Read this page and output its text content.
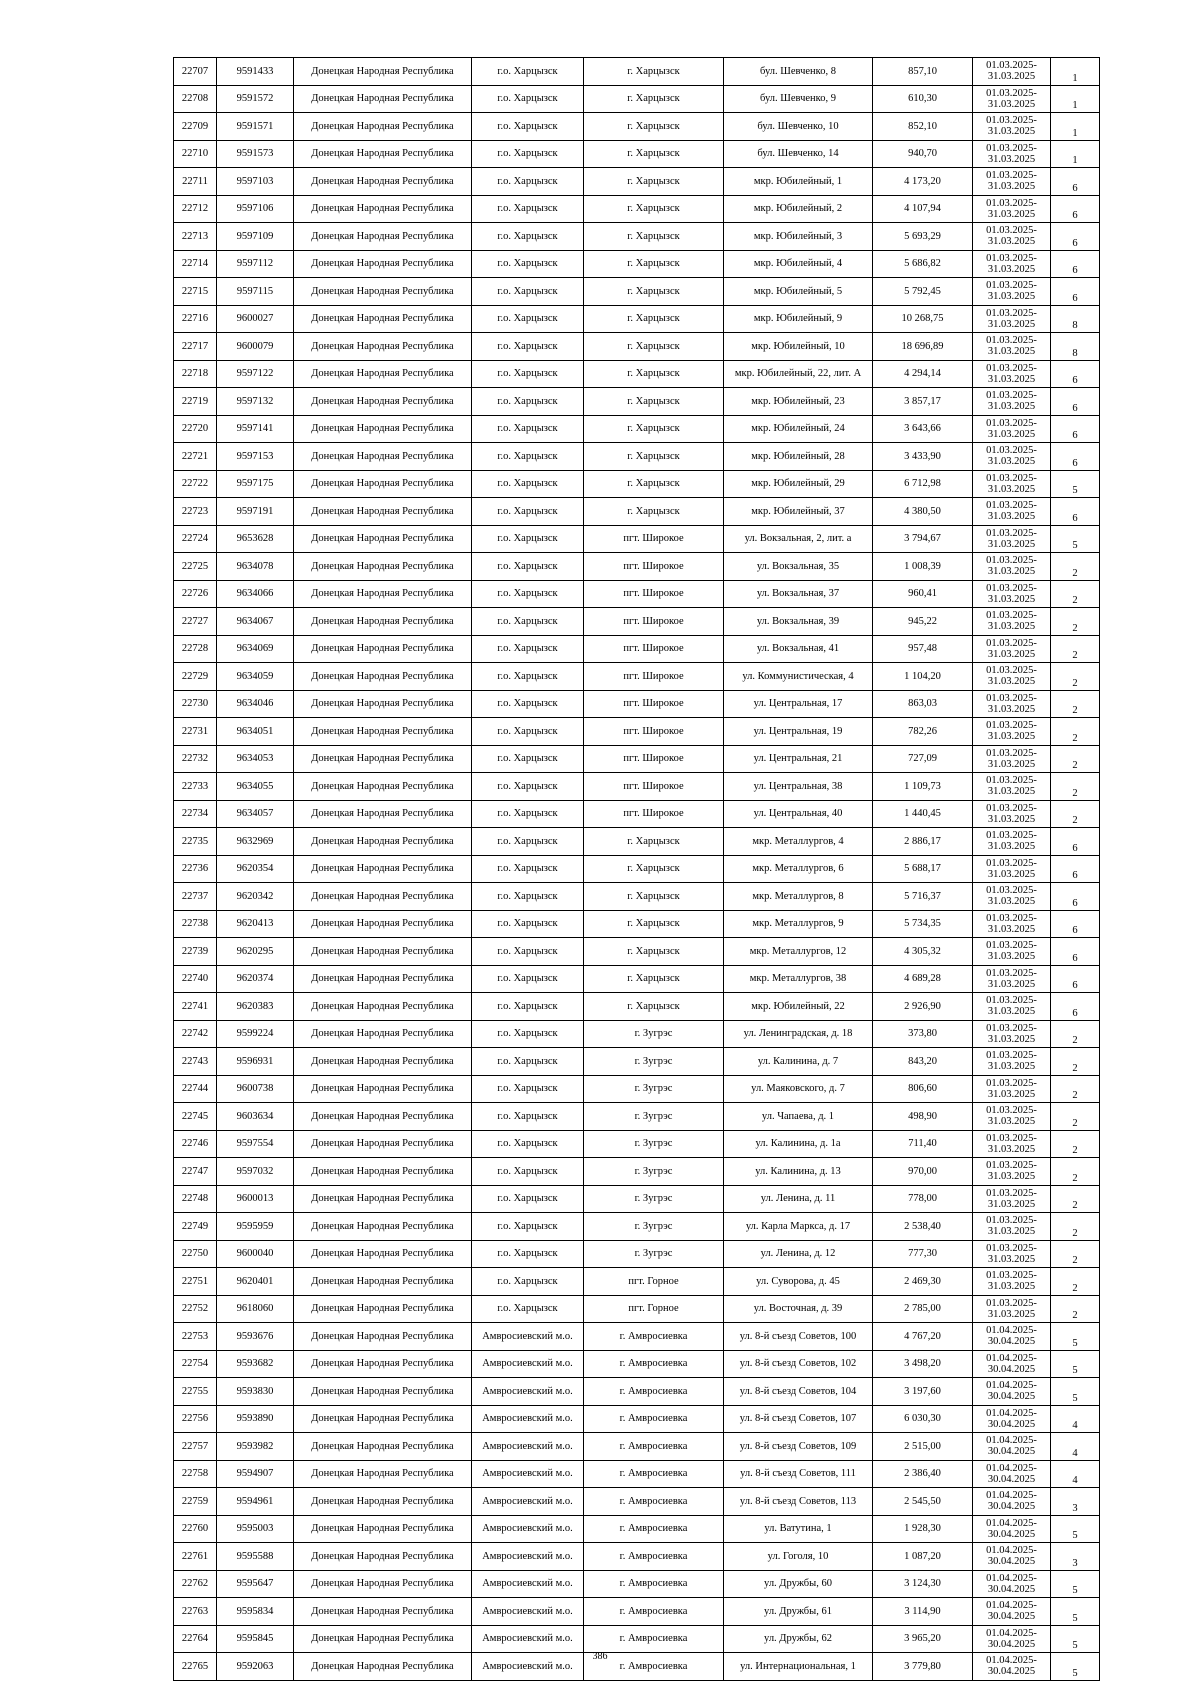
22707	9591433	Донецкая Народная Республика	г.о. Харцызск	г. Харцызск	бул. Шевченко, 8	857,10	01.03.2025-
31.03.2025	1
22708	9591572	Донецкая Народная Республика	г.о. Харцызск	г. Харцызск	бул. Шевченко, 9	610,30	01.03.2025-
31.03.2025	1
22709	9591571	Донецкая Народная Республика	г.о. Харцызск	г. Харцызск	бул. Шевченко, 10	852,10	01.03.2025-
31.03.2025	1
22710	9591573	Донецкая Народная Республика	г.о. Харцызск	г. Харцызск	бул. Шевченко, 14	940,70	01.03.2025-
31.03.2025	1
22711	9597103	Донецкая Народная Республика	г.о. Харцызск	г. Харцызск	мкр. Юбилейный, 1	4 173,20	01.03.2025-
31.03.2025	6
22712	9597106	Донецкая Народная Республика	г.о. Харцызск	г. Харцызск	мкр. Юбилейный, 2	4 107,94	01.03.2025-
31.03.2025	6
22713	9597109	Донецкая Народная Республика	г.о. Харцызск	г. Харцызск	мкр. Юбилейный, 3	5 693,29	01.03.2025-
31.03.2025	6
22714	9597112	Донецкая Народная Республика	г.о. Харцызск	г. Харцызск	мкр. Юбилейный, 4	5 686,82	01.03.2025-
31.03.2025	6
22715	9597115	Донецкая Народная Республика	г.о. Харцызск	г. Харцызск	мкр. Юбилейный, 5	5 792,45	01.03.2025-
31.03.2025	6
22716	9600027	Донецкая Народная Республика	г.о. Харцызск	г. Харцызск	мкр. Юбилейный, 9	10 268,75	01.03.2025-
31.03.2025	8
22717	9600079	Донецкая Народная Республика	г.о. Харцызск	г. Харцызск	мкр. Юбилейный, 10	18 696,89	01.03.2025-
31.03.2025	8
22718	9597122	Донецкая Народная Республика	г.о. Харцызск	г. Харцызск	мкр. Юбилейный, 22, лит. А	4 294,14	01.03.2025-
31.03.2025	6
22719	9597132	Донецкая Народная Республика	г.о. Харцызск	г. Харцызск	мкр. Юбилейный, 23	3 857,17	01.03.2025-
31.03.2025	6
22720	9597141	Донецкая Народная Республика	г.о. Харцызск	г. Харцызск	мкр. Юбилейный, 24	3 643,66	01.03.2025-
31.03.2025	6
22721	9597153	Донецкая Народная Республика	г.о. Харцызск	г. Харцызск	мкр. Юбилейный, 28	3 433,90	01.03.2025-
31.03.2025	6
22722	9597175	Донецкая Народная Республика	г.о. Харцызск	г. Харцызск	мкр. Юбилейный, 29	6 712,98	01.03.2025-
31.03.2025	5
22723	9597191	Донецкая Народная Республика	г.о. Харцызск	г. Харцызск	мкр. Юбилейный, 37	4 380,50	01.03.2025-
31.03.2025	6
22724	9653628	Донецкая Народная Республика	г.о. Харцызск	пгт. Широкое	ул. Вокзальная, 2, лит. а	3 794,67	01.03.2025-
31.03.2025	5
22725	9634078	Донецкая Народная Республика	г.о. Харцызск	пгт. Широкое	ул. Вокзальная, 35	1 008,39	01.03.2025-
31.03.2025	2
22726	9634066	Донецкая Народная Республика	г.о. Харцызск	пгт. Широкое	ул. Вокзальная, 37	960,41	01.03.2025-
31.03.2025	2
22727	9634067	Донецкая Народная Республика	г.о. Харцызск	пгт. Широкое	ул. Вокзальная, 39	945,22	01.03.2025-
31.03.2025	2
22728	9634069	Донецкая Народная Республика	г.о. Харцызск	пгт. Широкое	ул. Вокзальная, 41	957,48	01.03.2025-
31.03.2025	2
22729	9634059	Донецкая Народная Республика	г.о. Харцызск	пгт. Широкое	ул. Коммунистическая, 4	1 104,20	01.03.2025-
31.03.2025	2
22730	9634046	Донецкая Народная Республика	г.о. Харцызск	пгт. Широкое	ул. Центральная, 17	863,03	01.03.2025-
31.03.2025	2
22731	9634051	Донецкая Народная Республика	г.о. Харцызск	пгт. Широкое	ул. Центральная, 19	782,26	01.03.2025-
31.03.2025	2
22732	9634053	Донецкая Народная Республика	г.о. Харцызск	пгт. Широкое	ул. Центральная, 21	727,09	01.03.2025-
31.03.2025	2
22733	9634055	Донецкая Народная Республика	г.о. Харцызск	пгт. Широкое	ул. Центральная, 38	1 109,73	01.03.2025-
31.03.2025	2
22734	9634057	Донецкая Народная Республика	г.о. Харцызск	пгт. Широкое	ул. Центральная, 40	1 440,45	01.03.2025-
31.03.2025	2
22735	9632969	Донецкая Народная Республика	г.о. Харцызск	г. Харцызск	мкр. Металлургов, 4	2 886,17	01.03.2025-
31.03.2025	6
22736	9620354	Донецкая Народная Республика	г.о. Харцызск	г. Харцызск	мкр. Металлургов, 6	5 688,17	01.03.2025-
31.03.2025	6
22737	9620342	Донецкая Народная Республика	г.о. Харцызск	г. Харцызск	мкр. Металлургов, 8	5 716,37	01.03.2025-
31.03.2025	6
22738	9620413	Донецкая Народная Республика	г.о. Харцызск	г. Харцызск	мкр. Металлургов, 9	5 734,35	01.03.2025-
31.03.2025	6
22739	9620295	Донецкая Народная Республика	г.о. Харцызск	г. Харцызск	мкр. Металлургов, 12	4 305,32	01.03.2025-
31.03.2025	6
22740	9620374	Донецкая Народная Республика	г.о. Харцызск	г. Харцызск	мкр. Металлургов, 38	4 689,28	01.03.2025-
31.03.2025	6
22741	9620383	Донецкая Народная Республика	г.о. Харцызск	г. Харцызск	мкр. Юбилейный, 22	2 926,90	01.03.2025-
31.03.2025	6
22742	9599224	Донецкая Народная Республика	г.о. Харцызск	г. Зугрэс	ул. Ленинградская, д. 18	373,80	01.03.2025-
31.03.2025	2
22743	9596931	Донецкая Народная Республика	г.о. Харцызск	г. Зугрэс	ул. Калинина, д. 7	843,20	01.03.2025-
31.03.2025	2
22744	9600738	Донецкая Народная Республика	г.о. Харцызск	г. Зугрэс	ул. Маяковского, д. 7	806,60	01.03.2025-
31.03.2025	2
22745	9603634	Донецкая Народная Республика	г.о. Харцызск	г. Зугрэс	ул. Чапаева, д. 1	498,90	01.03.2025-
31.03.2025	2
22746	9597554	Донецкая Народная Республика	г.о. Харцызск	г. Зугрэс	ул. Калинина, д. 1а	711,40	01.03.2025-
31.03.2025	2
22747	9597032	Донецкая Народная Республика	г.о. Харцызск	г. Зугрэс	ул. Калинина, д. 13	970,00	01.03.2025-
31.03.2025	2
22748	9600013	Донецкая Народная Республика	г.о. Харцызск	г. Зугрэс	ул. Ленина, д. 11	778,00	01.03.2025-
31.03.2025	2
22749	9595959	Донецкая Народная Республика	г.о. Харцызск	г. Зугрэс	ул. Карла Маркса, д. 17	2 538,40	01.03.2025-
31.03.2025	2
22750	9600040	Донецкая Народная Республика	г.о. Харцызск	г. Зугрэс	ул. Ленина, д. 12	777,30	01.03.2025-
31.03.2025	2
22751	9620401	Донецкая Народная Республика	г.о. Харцызск	пгт. Горное	ул. Суворова, д. 45	2 469,30	01.03.2025-
31.03.2025	2
22752	9618060	Донецкая Народная Республика	г.о. Харцызск	пгт. Горное	ул. Восточная, д. 39	2 785,00	01.03.2025-
31.03.2025	2
22753	9593676	Донецкая Народная Республика	Амвросиевский м.о.	г. Амвросиевка	ул. 8-й съезд Советов, 100	4 767,20	01.04.2025-
30.04.2025	5
22754	9593682	Донецкая Народная Республика	Амвросиевский м.о.	г. Амвросиевка	ул. 8-й съезд Советов, 102	3 498,20	01.04.2025-
30.04.2025	5
22755	9593830	Донецкая Народная Республика	Амвросиевский м.о.	г. Амвросиевка	ул. 8-й съезд Советов, 104	3 197,60	01.04.2025-
30.04.2025	5
22756	9593890	Донецкая Народная Республика	Амвросиевский м.о.	г. Амвросиевка	ул. 8-й съезд Советов, 107	6 030,30	01.04.2025-
30.04.2025	4
22757	9593982	Донецкая Народная Республика	Амвросиевский м.о.	г. Амвросиевка	ул. 8-й съезд Советов, 109	2 515,00	01.04.2025-
30.04.2025	4
22758	9594907	Донецкая Народная Республика	Амвросиевский м.о.	г. Амвросиевка	ул. 8-й съезд Советов, 111	2 386,40	01.04.2025-
30.04.2025	4
22759	9594961	Донецкая Народная Республика	Амвросиевский м.о.	г. Амвросиевка	ул. 8-й съезд Советов, 113	2 545,50	01.04.2025-
30.04.2025	3
22760	9595003	Донецкая Народная Республика	Амвросиевский м.о.	г. Амвросиевка	ул. Ватутина, 1	1 928,30	01.04.2025-
30.04.2025	5
22761	9595588	Донецкая Народная Республика	Амвросиевский м.о.	г. Амвросиевка	ул. Гоголя, 10	1 087,20	01.04.2025-
30.04.2025	3
22762	9595647	Донецкая Народная Республика	Амвросиевский м.о.	г. Амвросиевка	ул. Дружбы, 60	3 124,30	01.04.2025-
30.04.2025	5
22763	9595834	Донецкая Народная Республика	Амвросиевский м.о.	г. Амвросиевка	ул. Дружбы, 61	3 114,90	01.04.2025-
30.04.2025	5
22764	9595845	Донецкая Народная Республика	Амвросиевский м.о.	г. Амвросиевка	ул. Дружбы, 62	3 965,20	01.04.2025-
30.04.2025	5
22765	9592063	Донецкая Народная Республика	Амвросиевский м.о.	г. Амвросиевка	ул. Интернациональная, 1	3 779,80	01.04.2025-
30.04.2025	5
386
